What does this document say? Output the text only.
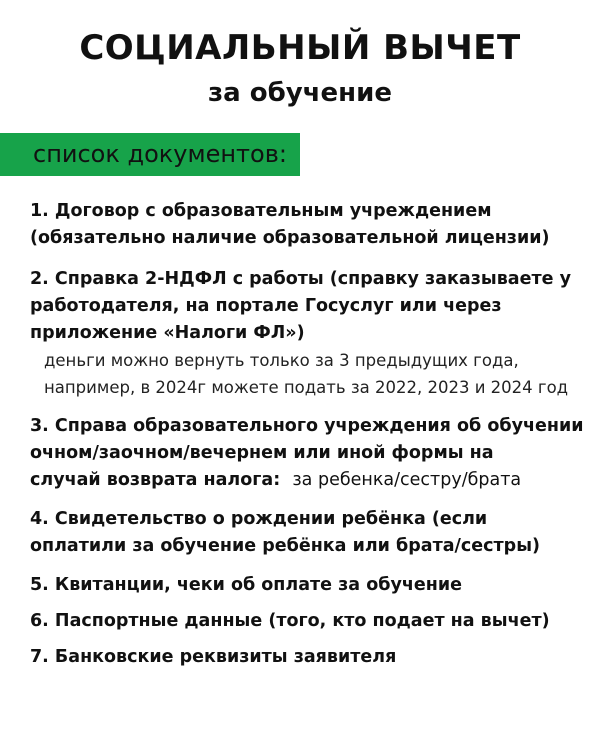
СОЦИАЛЬНЫЙ ВЫЧЕТ
за обучение
список документов:
1. Договор с образовательным учреждением
(обязательно наличие образовательной лицензии)
2. Справка 2-НДФЛ с работы (справку заказываете у
работодателя, на портале Госуслуг или через
приложение «Налоги ФЛ»)
деньги можно вернуть только за 3 предыдущих года,
например, в 2024г можете подать за 2022, 2023 и 2024 год
3. Справа образовательного учреждения об обучении
очном/заочном/вечернем или иной формы на
случай возврата налога: за ребенка/сестру/брата
4. Свидетельство о рождении ребёнка (если
оплатили за обучение ребёнка или брата/сестры)
5. Квитанции, чеки об оплате за обучение
6. Паспортные данные (того, кто подает на вычет)
7. Банковские реквизиты заявителя
